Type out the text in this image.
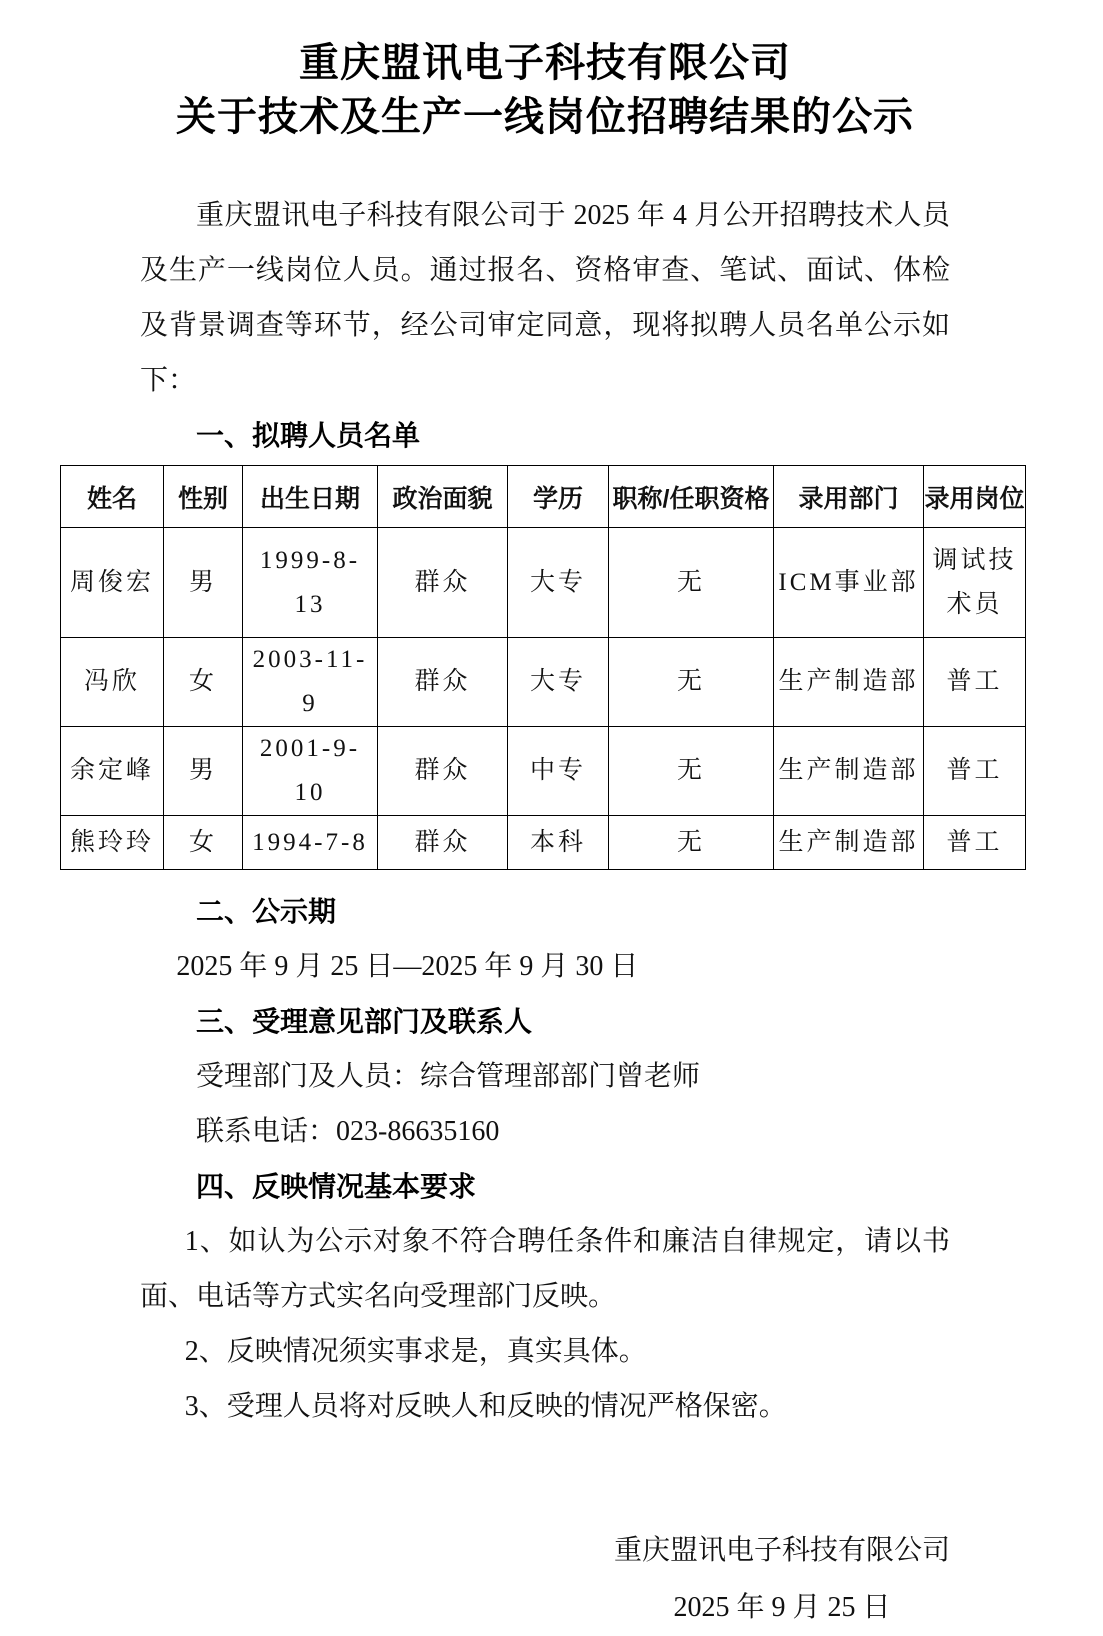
重庆盟讯电子科技有限公司
关于技术及生产一线岗位招聘结果的公示

重庆盟讯电子科技有限公司于 2025 年 4 月公开招聘技术人员及生产一线岗位人员。通过报名、资格审查、笔试、面试、体检及背景调查等环节，经公司审定同意，现将拟聘人员名单公示如下：

一、拟聘人员名单
姓名	性别	出生日期	政治面貌	学历	职称/任职资格	录用部门	录用岗位
周俊宏	男	1999-8-13	群众	大专	无	ICM事业部	调试技术员
冯欣	女	2003-11-9	群众	大专	无	生产制造部	普工
余定峰	男	2001-9-10	群众	中专	无	生产制造部	普工
熊玲玲	女	1994-7-8	群众	本科	无	生产制造部	普工
二、公示期
2025 年 9 月 25 日—2025 年 9 月 30 日
三、受理意见部门及联系人
受理部门及人员：综合管理部部门曾老师
联系电话：023-86635160
四、反映情况基本要求

1、如认为公示对象不符合聘任条件和廉洁自律规定，请以书面、电话等方式实名向受理部门反映。

2、反映情况须实事求是，真实具体。

3、受理人员将对反映人和反映的情况严格保密。

重庆盟讯电子科技有限公司
2025 年 9 月 25 日
